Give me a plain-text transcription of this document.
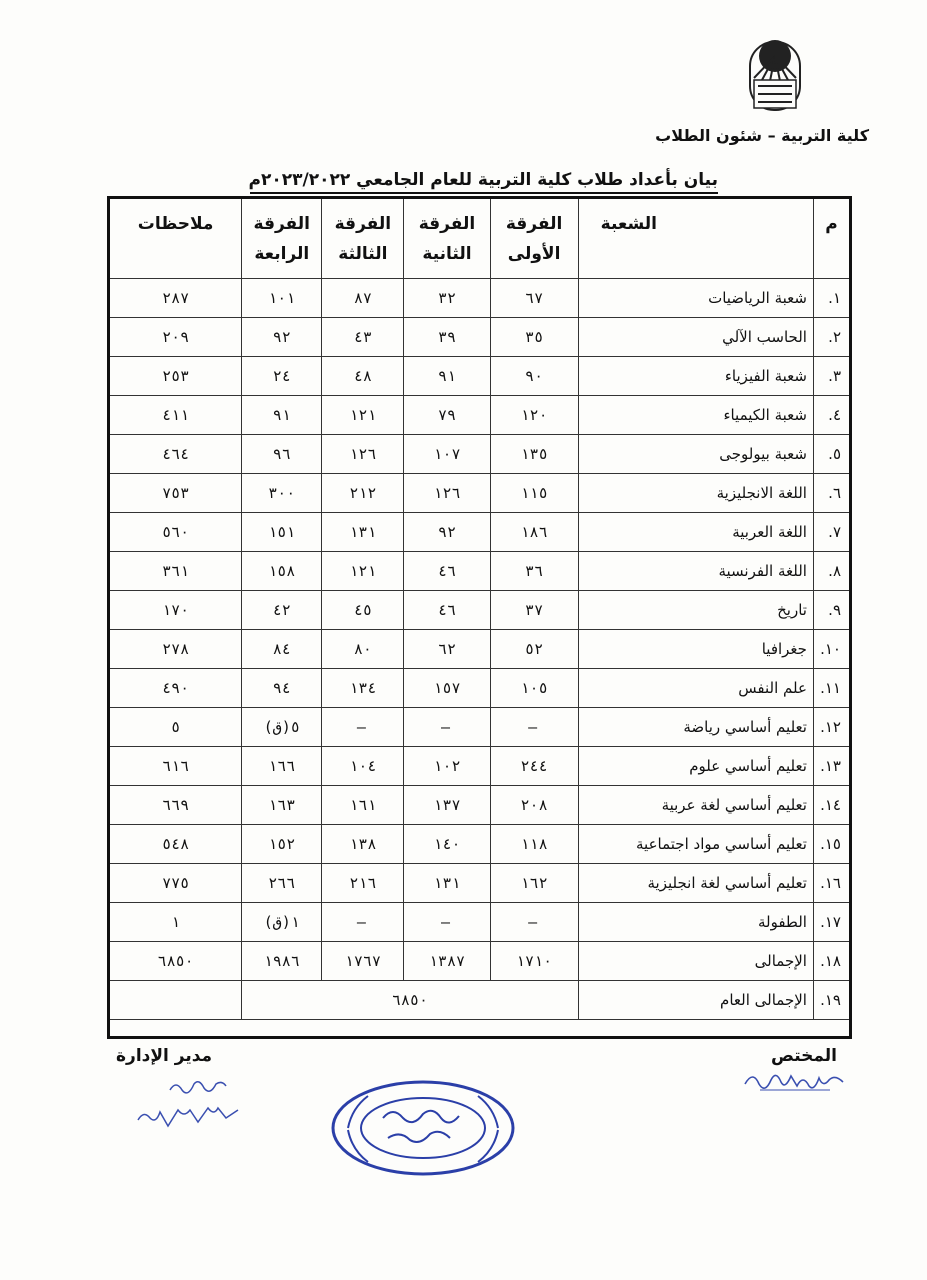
كلية التربية – شئون الطلاب
بيان بأعداد طلاب كلية التربية للعام الجامعي ٢٠٢٣/٢٠٢٢م
م	الشعبة	الفرقة الأولى	الفرقة الثانية	الفرقة الثالثة	الفرقة الرابعة	ملاحظات
١.	شعبة الرياضيات	٦٧	٣٢	٨٧	١٠١	٢٨٧
٢.	الحاسب الآلي	٣٥	٣٩	٤٣	٩٢	٢٠٩
٣.	شعبة الفيزياء	٩٠	٩١	٤٨	٢٤	٢٥٣
٤.	شعبة الكيمياء	١٢٠	٧٩	١٢١	٩١	٤١١
٥.	شعبة بيولوجى	١٣٥	١٠٧	١٢٦	٩٦	٤٦٤
٦.	اللغة الانجليزية	١١٥	١٢٦	٢١٢	٣٠٠	٧٥٣
٧.	اللغة العربية	١٨٦	٩٢	١٣١	١٥١	٥٦٠
٨.	اللغة الفرنسية	٣٦	٤٦	١٢١	١٥٨	٣٦١
٩.	تاريخ	٣٧	٤٦	٤٥	٤٢	١٧٠
١٠.	جغرافيا	٥٢	٦٢	٨٠	٨٤	٢٧٨
١١.	علم النفس	١٠٥	١٥٧	١٣٤	٩٤	٤٩٠
١٢.	تعليم أساسي رياضة	–	–	–	٥(ق)	٥
١٣.	تعليم أساسي علوم	٢٤٤	١٠٢	١٠٤	١٦٦	٦١٦
١٤.	تعليم أساسي لغة عربية	٢٠٨	١٣٧	١٦١	١٦٣	٦٦٩
١٥.	تعليم أساسي مواد اجتماعية	١١٨	١٤٠	١٣٨	١٥٢	٥٤٨
١٦.	تعليم أساسي لغة انجليزية	١٦٢	١٣١	٢١٦	٢٦٦	٧٧٥
١٧.	الطفولة	–	–	–	١(ق)	١
١٨.	الإجمالى	١٧١٠	١٣٨٧	١٧٦٧	١٩٨٦	٦٨٥٠
١٩.	الإجمالى العام	٦٨٥٠				
المختص
مدير الإدارة
